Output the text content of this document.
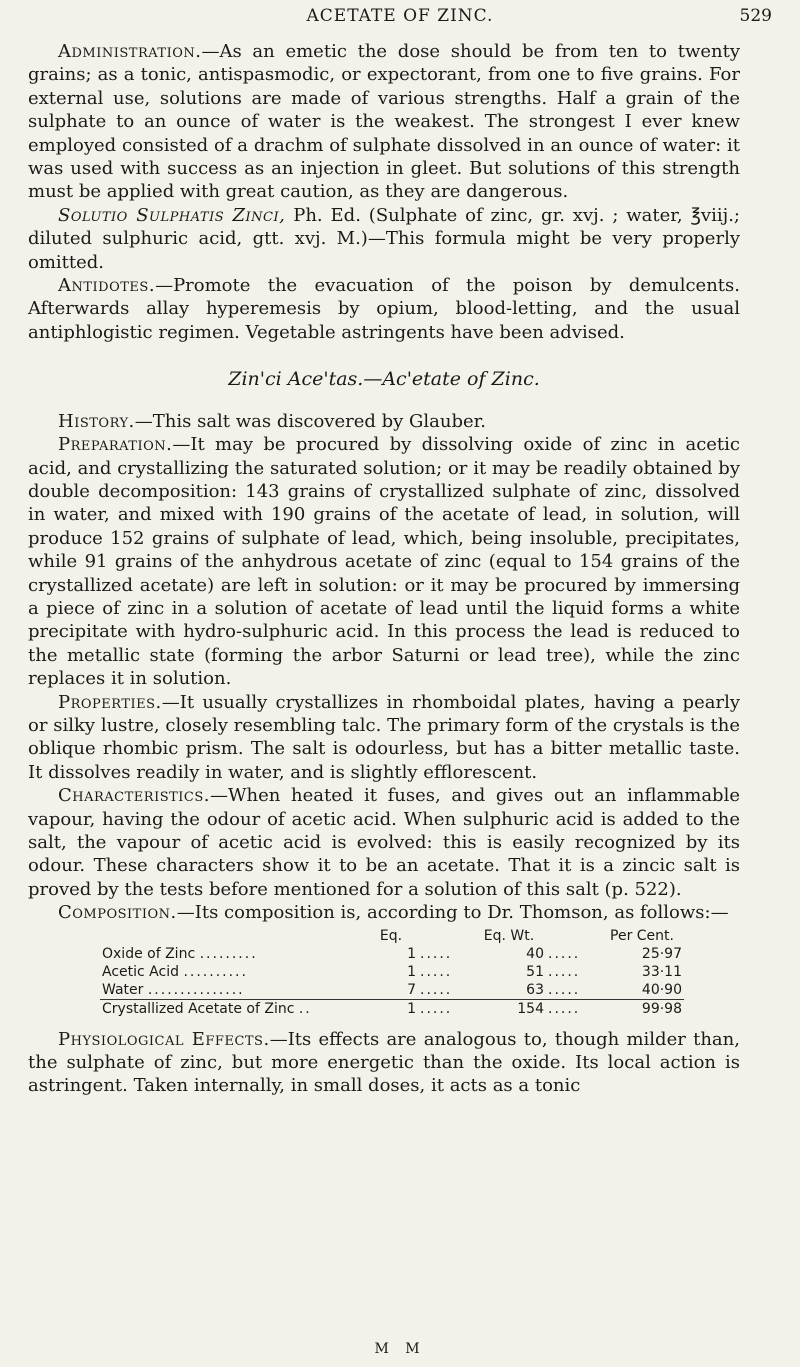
ACETATE OF ZINC.	529

Administration.—As an emetic the dose should be from ten to twenty grains; as a tonic, antispasmodic, or expectorant, from one to five grains. For external use, solutions are made of various strengths. Half a grain of the sulphate to an ounce of water is the weakest. The strongest I ever knew employed consisted of a drachm of sulphate dissolved in an ounce of water: it was used with success as an injection in gleet. But solutions of this strength must be applied with great caution, as they are dangerous.

Solutio Sulphatis Zinci, Ph. Ed. (Sulphate of zinc, gr. xvj. ; water, ℥viij.; diluted sulphuric acid, gtt. xvj. M.)—This formula might be very properly omitted.

Antidotes.—Promote the evacuation of the poison by demulcents. Afterwards allay hyperemesis by opium, blood-letting, and the usual antiphlogistic regimen. Vegetable astringents have been advised.

Zin'ci Ace'tas.—Ac'etate of Zinc.

History.—This salt was discovered by Glauber.

Preparation.—It may be procured by dissolving oxide of zinc in acetic acid, and crystallizing the saturated solution; or it may be readily obtained by double decomposition: 143 grains of crystallized sulphate of zinc, dissolved in water, and mixed with 190 grains of the acetate of lead, in solution, will produce 152 grains of sulphate of lead, which, being insoluble, precipitates, while 91 grains of the anhydrous acetate of zinc (equal to 154 grains of the crystallized acetate) are left in solution: or it may be procured by immersing a piece of zinc in a solution of acetate of lead until the liquid forms a white precipitate with hydro-sulphuric acid. In this process the lead is reduced to the metallic state (forming the arbor Saturni or lead tree), while the zinc replaces it in solution.

Properties.—It usually crystallizes in rhomboidal plates, having a pearly or silky lustre, closely resembling talc. The primary form of the crystals is the oblique rhombic prism. The salt is odourless, but has a bitter metallic taste. It dissolves readily in water, and is slightly efflorescent.

Characteristics.—When heated it fuses, and gives out an inflammable vapour, having the odour of acetic acid. When sulphuric acid is added to the salt, the vapour of acetic acid is evolved: this is easily recognized by its odour. These characters show it to be an acetate. That it is a zincic salt is proved by the tests before mentioned for a solution of this salt (p. 522).

Composition.—Its composition is, according to Dr. Thomson, as follows:—

	Eq.		Eq. Wt.		Per Cent.
Oxide of Zinc .........	1	.....	40	.....	25·97
Acetic Acid ..........	1	.....	51	.....	33·11
Water ...............	7	.....	63	.....	40·90
Crystallized Acetate of Zinc ..	1	.....	154	.....	99·98

Physiological Effects.—Its effects are analogous to, though milder than, the sulphate of zinc, but more energetic than the oxide. Its local action is astringent. Taken internally, in small doses, it acts as a tonic

M M
